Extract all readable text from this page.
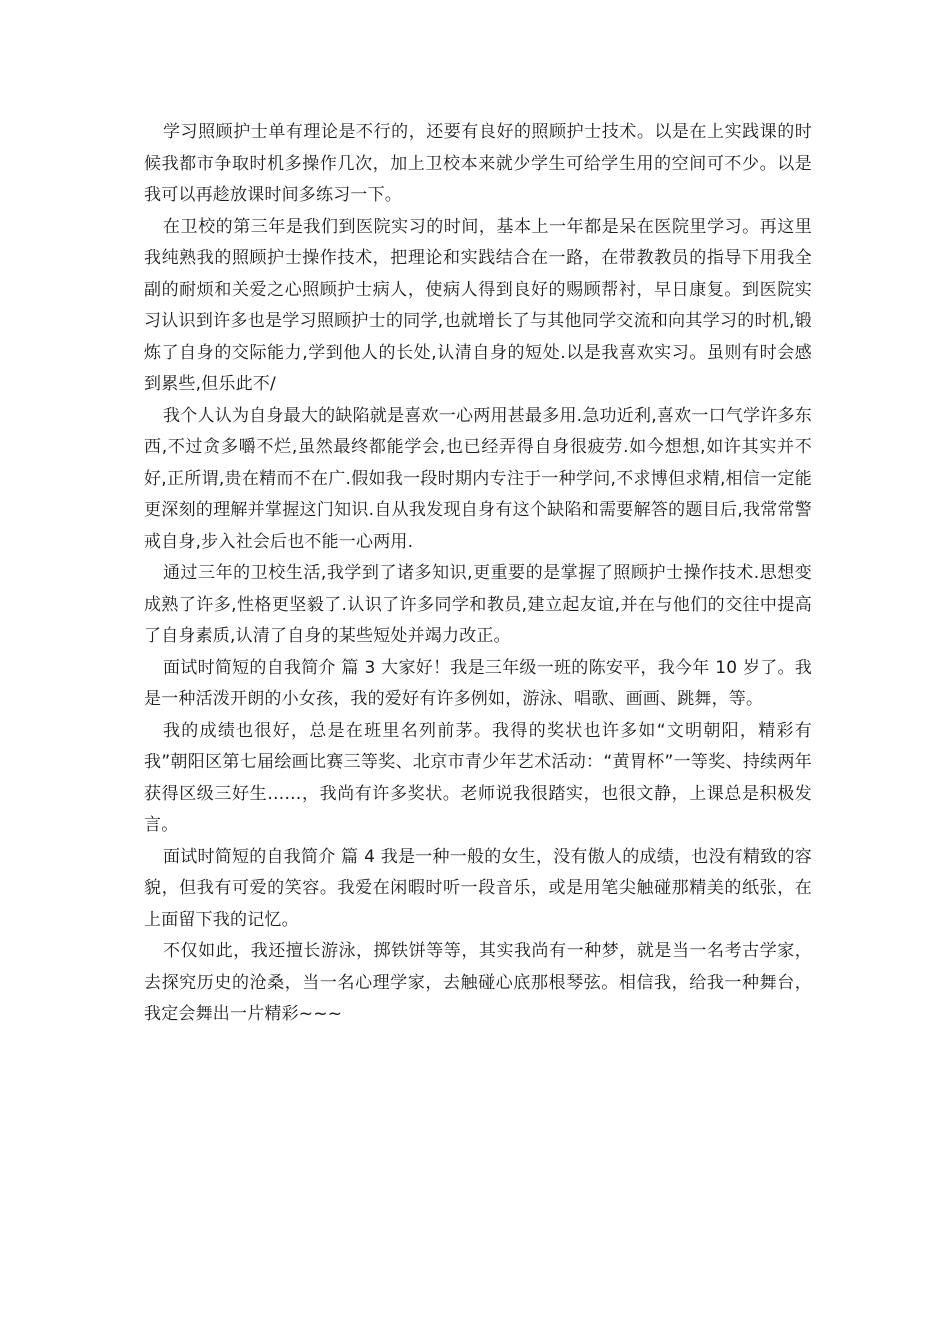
学习照顾护士单有理论是不行的，还要有良好的照顾护士技术。以是在上实践课的时候我都市争取时机多操作几次，加上卫校本来就少学生可给学生用的空间可不少。以是我可以再趁放课时间多练习一下。

在卫校的第三年是我们到医院实习的时间，基本上一年都是呆在医院里学习。再这里我纯熟我的照顾护士操作技术，把理论和实践结合在一路，在带教教员的指导下用我全副的耐烦和关爱之心照顾护士病人，使病人得到良好的赐顾帮衬，早日康复。到医院实习认识到许多也是学习照顾护士的同学,也就增长了与其他同学交流和向其学习的时机,锻炼了自身的交际能力,学到他人的长处,认清自身的短处.以是我喜欢实习。虽则有时会感到累些,但乐此不/

我个人认为自身最大的缺陷就是喜欢一心两用甚最多用.急功近利,喜欢一口气学许多东西,不过贪多嚼不烂,虽然最终都能学会,也已经弄得自身很疲劳.如今想想,如许其实并不好,正所谓,贵在精而不在广.假如我一段时期内专注于一种学问,不求博但求精,相信一定能更深刻的理解并掌握这门知识.自从我发现自身有这个缺陷和需要解答的题目后,我常常警戒自身,步入社会后也不能一心两用.

通过三年的卫校生活,我学到了诸多知识,更重要的是掌握了照顾护士操作技术.思想变成熟了许多,性格更坚毅了.认识了许多同学和教员,建立起友谊,并在与他们的交往中提高了自身素质,认清了自身的某些短处并竭力改正。

面试时简短的自我简介 篇 3 大家好！我是三年级一班的陈安平，我今年 10 岁了。我是一种活泼开朗的小女孩，我的爱好有许多例如，游泳、唱歌、画画、跳舞，等。

我的成绩也很好，总是在班里名列前茅。我得的奖状也许多如“文明朝阳，精彩有我”朝阳区第七届绘画比赛三等奖、北京市青少年艺术活动：“黄胃杯”一等奖、持续两年获得区级三好生……，我尚有许多奖状。老师说我很踏实，也很文静，上课总是积极发言。

面试时简短的自我简介 篇 4 我是一种一般的女生，没有傲人的成绩，也没有精致的容貌，但我有可爱的笑容。我爱在闲暇时听一段音乐，或是用笔尖触碰那精美的纸张，在上面留下我的记忆。

不仅如此，我还擅长游泳，掷铁饼等等，其实我尚有一种梦，就是当一名考古学家，去探究历史的沧桑，当一名心理学家，去触碰心底那根琴弦。相信我，给我一种舞台，我定会舞出一片精彩~~~
